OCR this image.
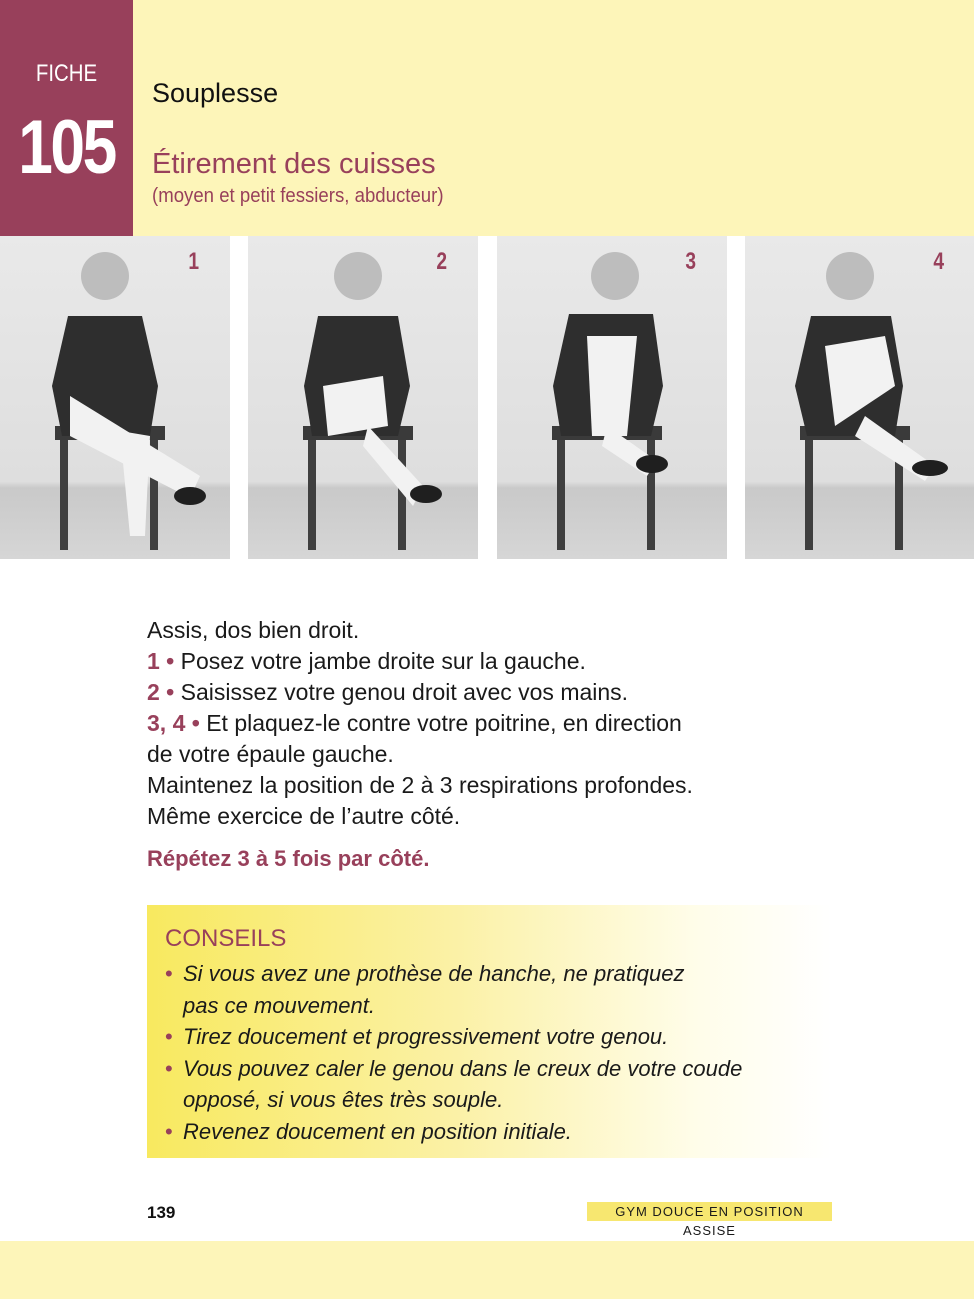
FICHE
105
Souplesse
Étirement des cuisses
(moyen et petit fessiers, abducteur)
1	2	3	4

Assis, dos bien droit.

1 • Posez votre jambe droite sur la gauche.

2 • Saisissez votre genou droit avec vos mains.

3, 4 • Et plaquez-le contre votre poitrine, en direction

de votre épaule gauche.

Maintenez la position de 2 à 3 respirations profondes.

Même exercice de l’autre côté.

Répétez 3 à 5 fois par côté.
CONSEILS
• Si vous avez une prothèse de hanche, ne pratiquez
pas ce mouvement.
• Tirez doucement et progressivement votre genou.
• Vous pouvez caler le genou dans le creux de votre coude
opposé, si vous êtes très souple.
• Revenez doucement en position initiale.
139	GYM DOUCE EN POSITION ASSISE
